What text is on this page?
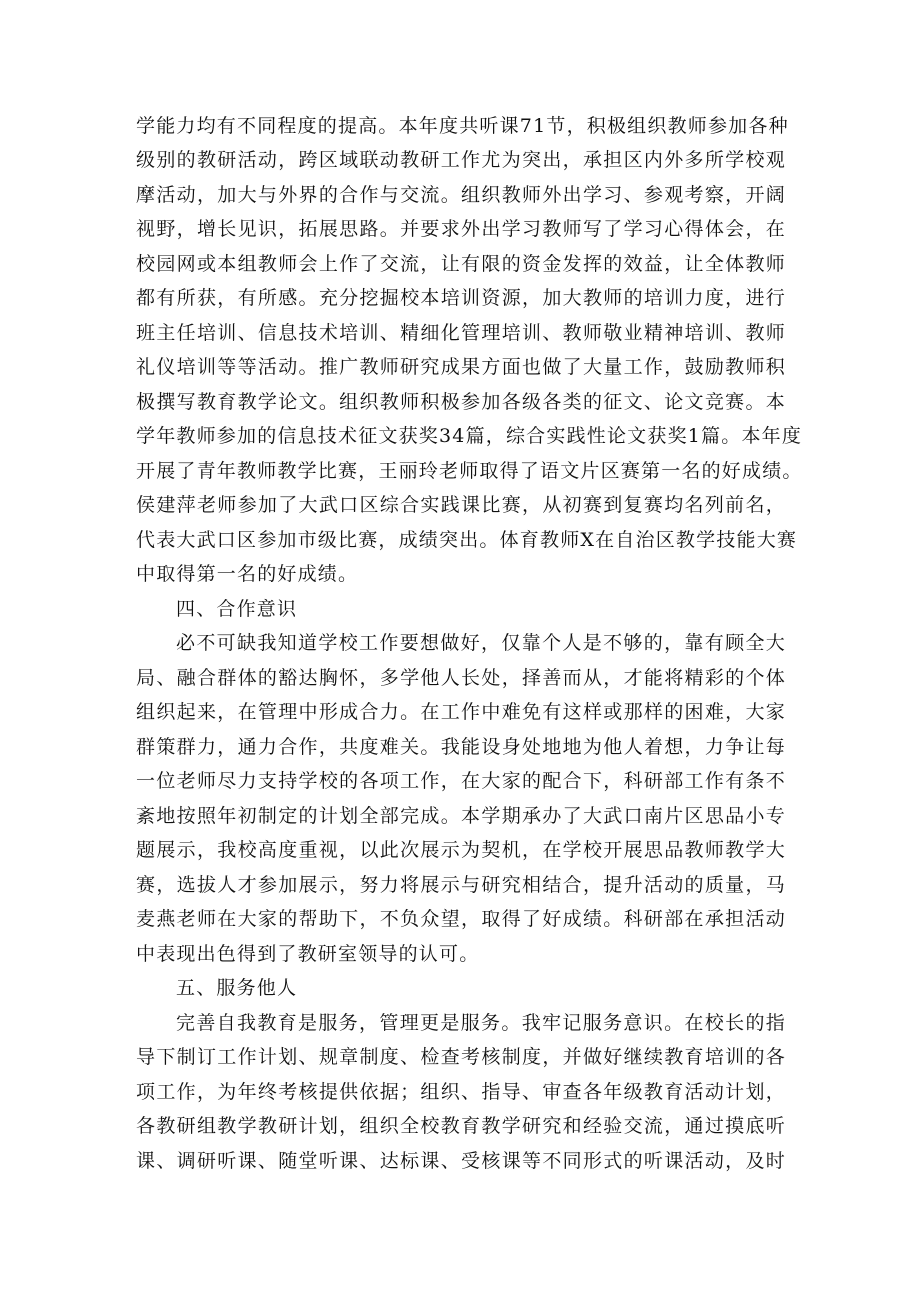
学能力均有不同程度的提高。本年度共听课71节，积极组织教师参加各种
级别的教研活动，跨区域联动教研工作尤为突出，承担区内外多所学校观
摩活动，加大与外界的合作与交流。组织教师外出学习、参观考察，开阔
视野，增长见识，拓展思路。并要求外出学习教师写了学习心得体会，在
校园网或本组教师会上作了交流，让有限的资金发挥的效益，让全体教师
都有所获，有所感。充分挖掘校本培训资源，加大教师的培训力度，进行
班主任培训、信息技术培训、精细化管理培训、教师敬业精神培训、教师
礼仪培训等等活动。推广教师研究成果方面也做了大量工作，鼓励教师积
极撰写教育教学论文。组织教师积极参加各级各类的征文、论文竞赛。本
学年教师参加的信息技术征文获奖34篇，综合实践性论文获奖1篇。本年度
开展了青年教师教学比赛，王丽玲老师取得了语文片区赛第一名的好成绩。
侯建萍老师参加了大武口区综合实践课比赛，从初赛到复赛均名列前名，
代表大武口区参加市级比赛，成绩突出。体育教师X在自治区教学技能大赛
中取得第一名的好成绩。
四、合作意识
必不可缺我知道学校工作要想做好，仅靠个人是不够的，靠有顾全大
局、融合群体的豁达胸怀，多学他人长处，择善而从，才能将精彩的个体
组织起来，在管理中形成合力。在工作中难免有这样或那样的困难，大家
群策群力，通力合作，共度难关。我能设身处地地为他人着想，力争让每
一位老师尽力支持学校的各项工作，在大家的配合下，科研部工作有条不
紊地按照年初制定的计划全部完成。本学期承办了大武口南片区思品小专
题展示，我校高度重视，以此次展示为契机，在学校开展思品教师教学大
赛，选拔人才参加展示，努力将展示与研究相结合，提升活动的质量，马
麦燕老师在大家的帮助下，不负众望，取得了好成绩。科研部在承担活动
中表现出色得到了教研室领导的认可。
五、服务他人
完善自我教育是服务，管理更是服务。我牢记服务意识。在校长的指
导下制订工作计划、规章制度、检查考核制度，并做好继续教育培训的各
项工作，为年终考核提供依据；组织、指导、审查各年级教育活动计划，
各教研组教学教研计划，组织全校教育教学研究和经验交流，通过摸底听
课、调研听课、随堂听课、达标课、受核课等不同形式的听课活动，及时
